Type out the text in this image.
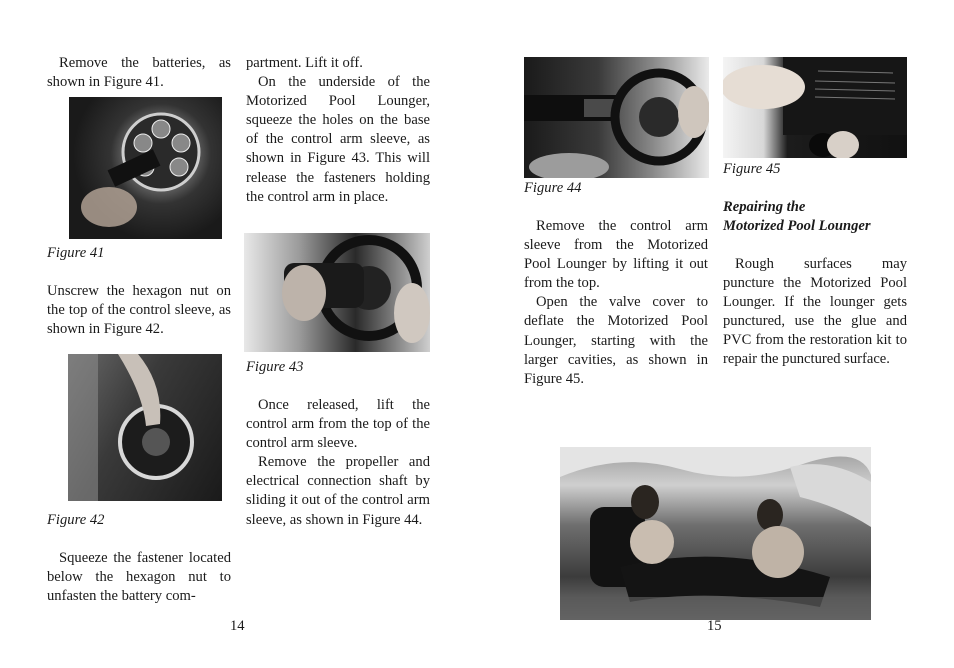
Remove the batteries, as shown in Figure 41.

Figure 41

Unscrew the hexagon nut on the top of the control sleeve, as shown in Figure 42.

Figure 42

Squeeze the fastener located below the hexagon nut to unfasten the battery com-

partment. Lift it off.

On the underside of the Motorized Pool Lounger, squeeze the holes on the base of the control arm sleeve, as shown in Figure 43. This will release the fasteners holding the control arm in place.

Figure 43

Once released, lift the control arm from the top of the control arm sleeve.

Remove the propeller and electrical connection shaft by sliding it out of the control arm sleeve, as shown in Figure 44.

14

Figure 44

Remove the control arm sleeve from the Motorized Pool Lounger by lifting it out from the top.

Open the valve cover to deflate the Motorized Pool Lounger, starting with the larger cavities, as shown in Figure 45.

Figure 45

Repairing the

Motorized Pool Lounger

Rough surfaces may puncture the Motorized Pool Lounger. If the lounger gets punctured, use the glue and PVC from the restoration kit to repair the punctured surface.

15
